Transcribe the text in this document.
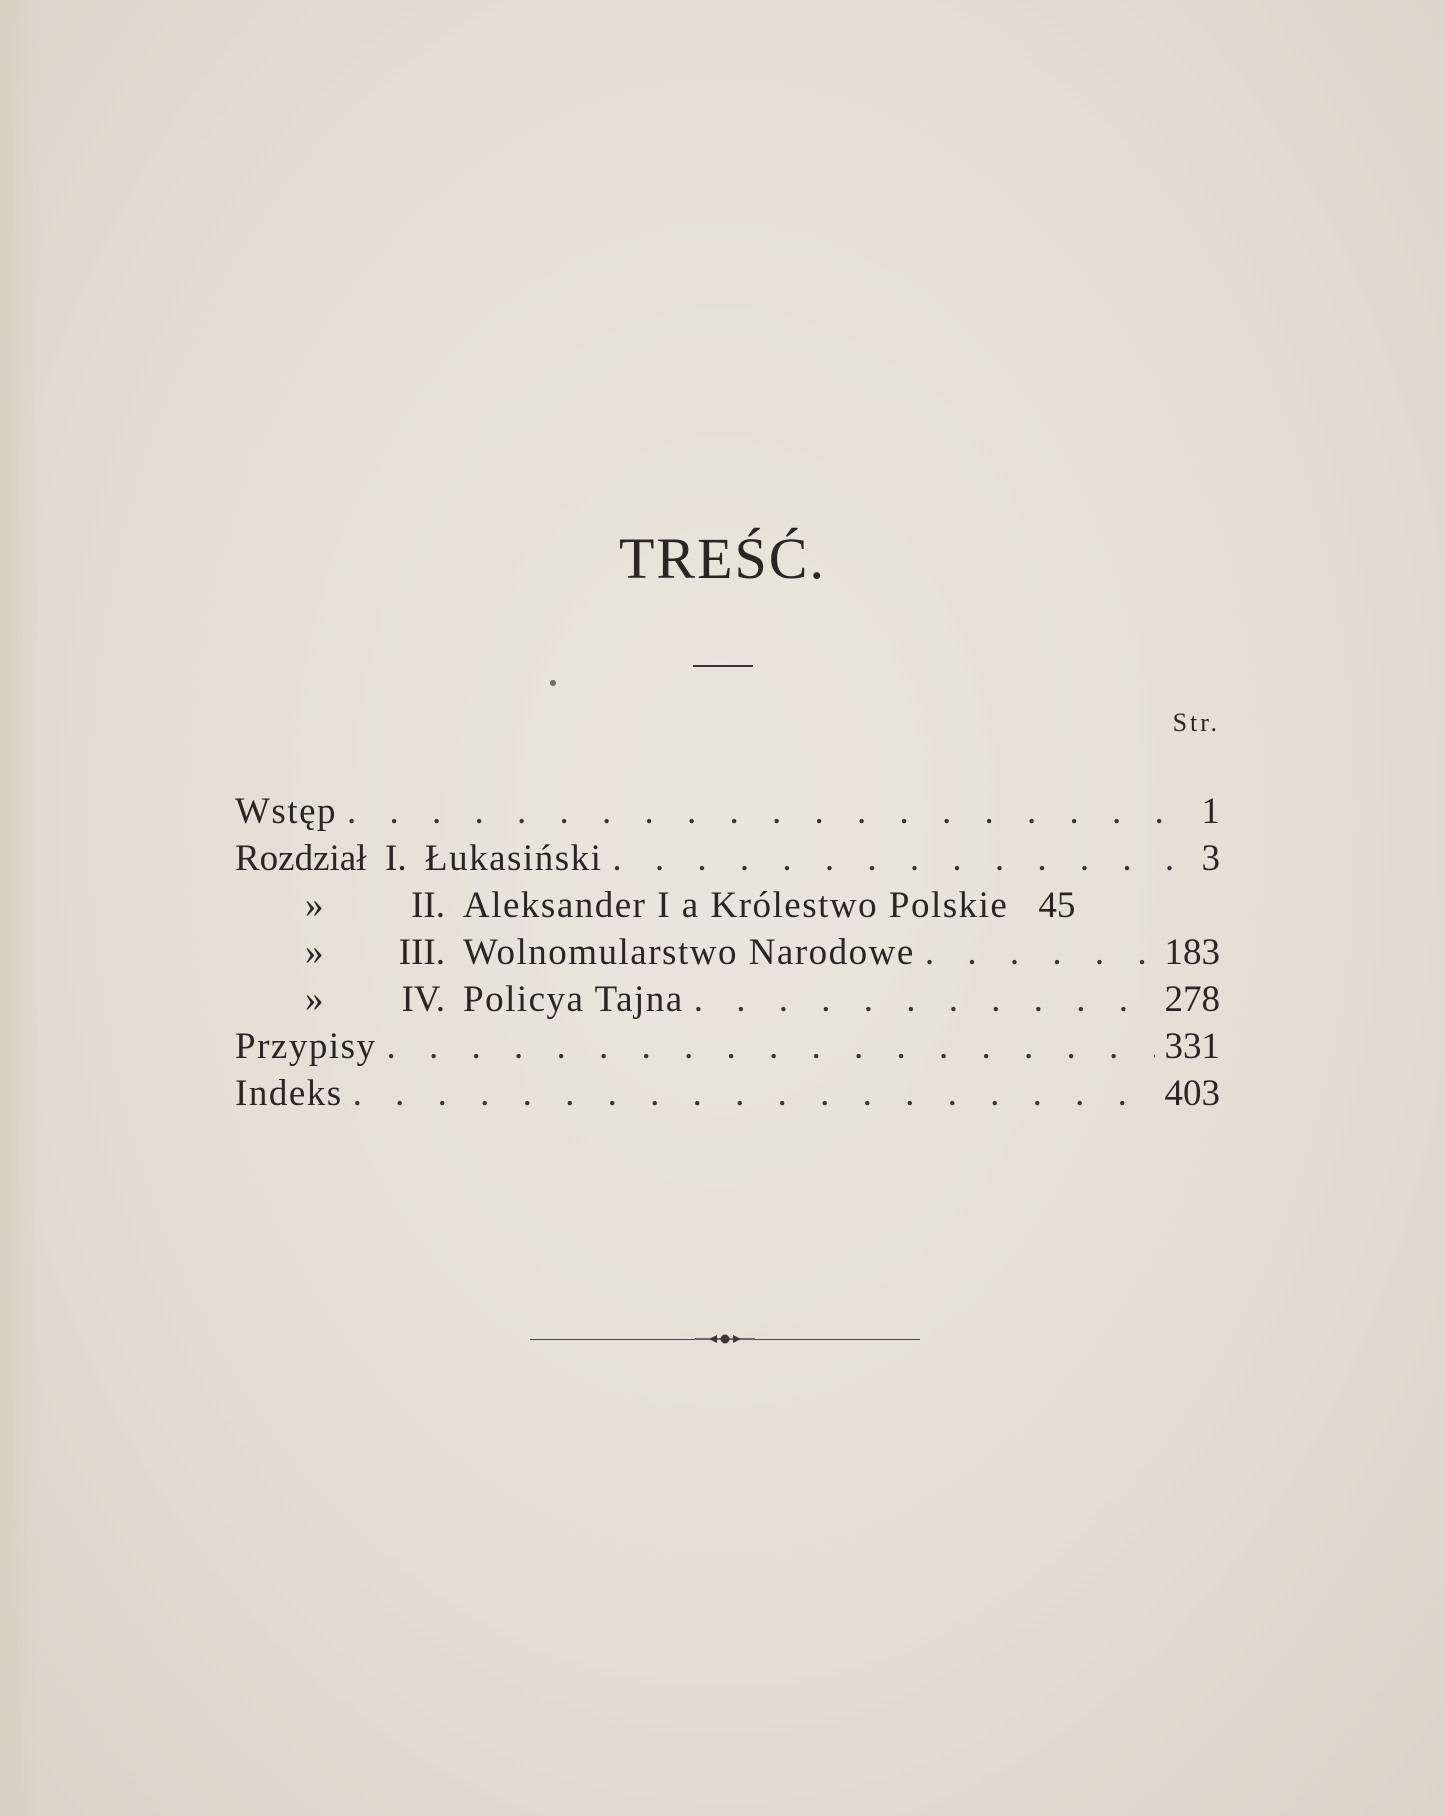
TREŚĆ.
Str.
Wstęp . . .	1
Rozdział I. Łukasiński . . .	3
»	II. Aleksander I a Królestwo Polskie 45
»	III. Wolnomularstwo Narodowe . . .	183
»	IV. Policya Tajna . . .	278
Przypisy . . .	331
Indeks . . .	403
